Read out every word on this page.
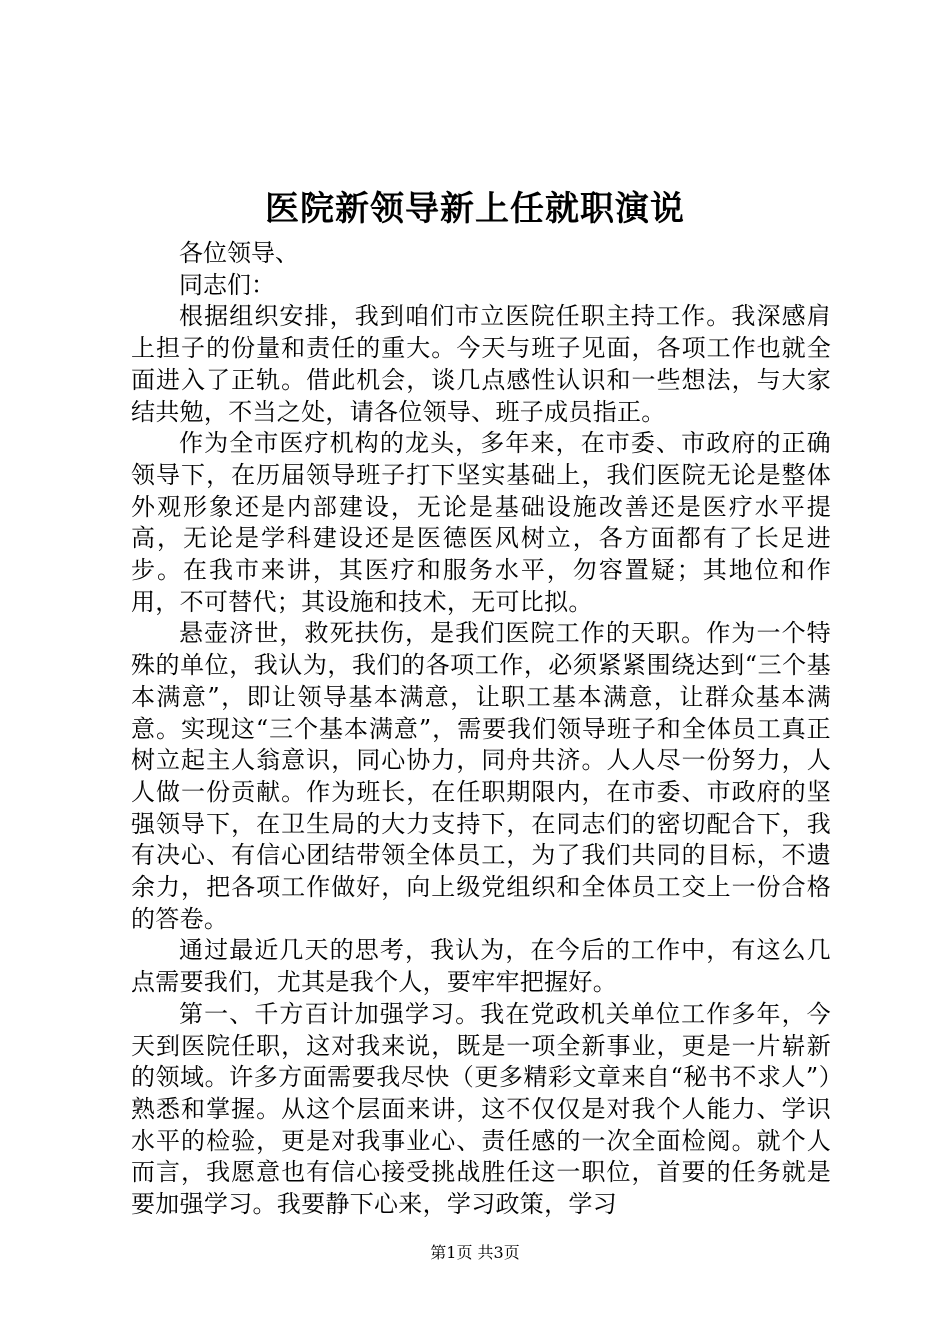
医院新领导新上任就职演说

各位领导、

同志们：

根据组织安排，我到咱们市立医院任职主持工作。我深感肩上担子的份量和责任的重大。今天与班子见面，各项工作也就全面进入了正轨。借此机会，谈几点感性认识和一些想法，与大家结共勉，不当之处，请各位领导、班子成员指正。

作为全市医疗机构的龙头，多年来，在市委、市政府的正确领导下，在历届领导班子打下坚实基础上，我们医院无论是整体外观形象还是内部建设，无论是基础设施改善还是医疗水平提高，无论是学科建设还是医德医风树立，各方面都有了长足进步。在我市来讲，其医疗和服务水平，勿容置疑；其地位和作用，不可替代；其设施和技术，无可比拟。

悬壶济世，救死扶伤，是我们医院工作的天职。作为一个特殊的单位，我认为，我们的各项工作，必须紧紧围绕达到“三个基本满意”，即让领导基本满意，让职工基本满意，让群众基本满意。实现这“三个基本满意”，需要我们领导班子和全体员工真正树立起主人翁意识，同心协力，同舟共济。人人尽一份努力，人人做一份贡献。作为班长，在任职期限内，在市委、市政府的坚强领导下，在卫生局的大力支持下，在同志们的密切配合下，我有决心、有信心团结带领全体员工，为了我们共同的目标，不遗余力，把各项工作做好，向上级党组织和全体员工交上一份合格的答卷。

通过最近几天的思考，我认为，在今后的工作中，有这么几点需要我们，尤其是我个人，要牢牢把握好。

第一、千方百计加强学习。我在党政机关单位工作多年，今天到医院任职，这对我来说，既是一项全新事业，更是一片崭新的领域。许多方面需要我尽快（更多精彩文章来自“秘书不求人”）熟悉和掌握。从这个层面来讲，这不仅仅是对我个人能力、学识水平的检验，更是对我事业心、责任感的一次全面检阅。就个人而言，我愿意也有信心接受挑战胜任这一职位，首要的任务就是要加强学习。我要静下心来，学习政策，学习

第1页 共3页
